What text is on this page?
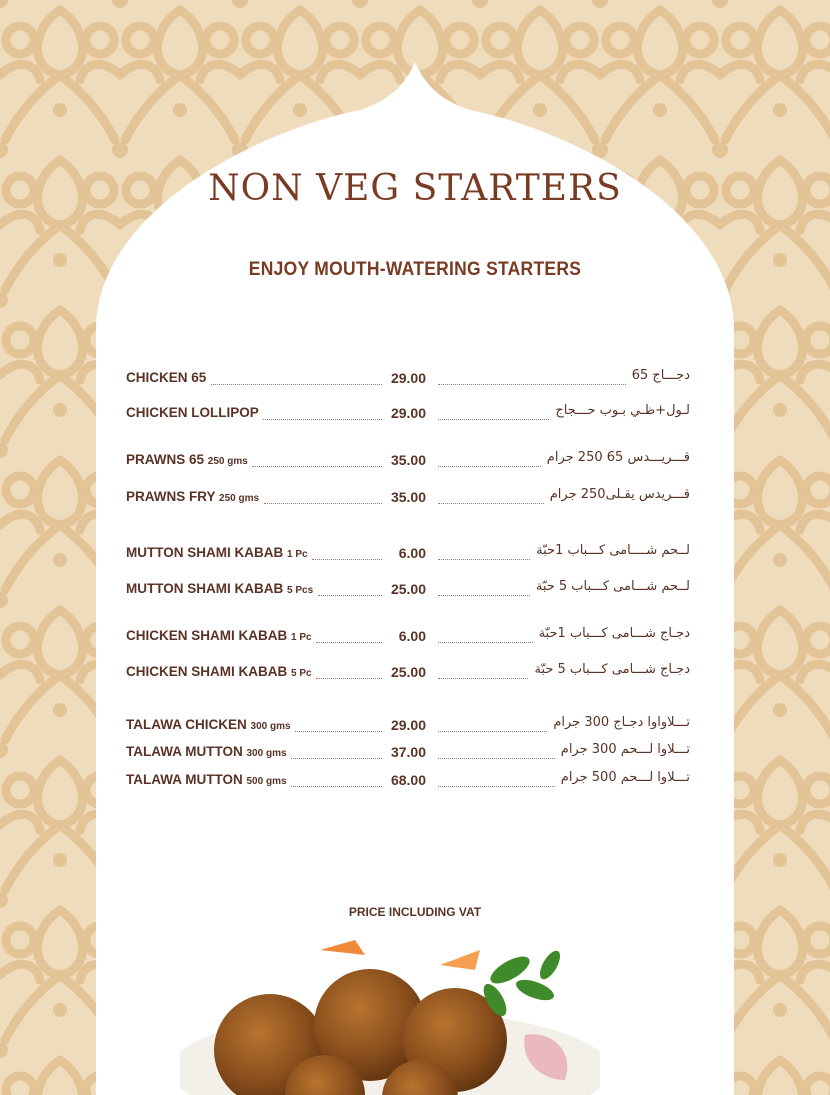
NON VEG STARTERS
ENJOY MOUTH-WATERING STARTERS
CHICKEN 65	29.00	دجـــاج 65
CHICKEN LOLLIPOP	29.00	لـول+ظـي بـوب حـــجاج
PRAWNS 65 250 gms	35.00	قـــريـــدس 65 250 جرام
PRAWNS FRY 250 gms	35.00	قـــريدس يقـلى250 جرام
MUTTON SHAMI KABAB 1 Pc	6.00	لــحم شــــامى كـــباب 1حبّة
MUTTON SHAMI KABAB 5 Pcs	25.00	لــحم شـــامى كـــباب 5 حبّة
CHICKEN SHAMI KABAB 1 Pc	6.00	دجـاج شـــامى كـــباب 1حبّة
CHICKEN SHAMI KABAB 5 Pc	25.00	دجـاج شـــامى كـــباب 5 حبّة
TALAWA CHICKEN 300 gms	29.00	تـــلاواوا دجـاج 300 جرام
TALAWA MUTTON 300 gms	37.00	تـــلاوا لـــحم 300 جرام
TALAWA MUTTON 500 gms	68.00	تـــلاوا لـــحم 500 جرام
PRICE INCLUDING VAT
